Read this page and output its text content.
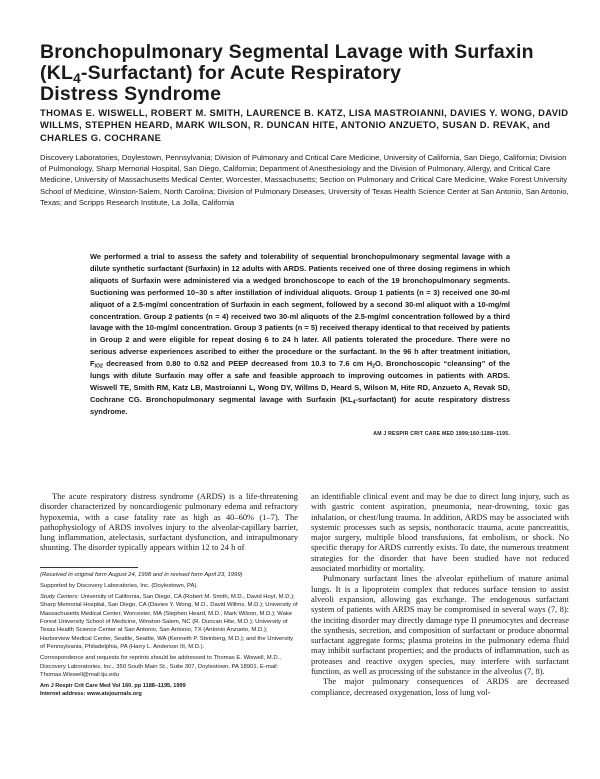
Bronchopulmonary Segmental Lavage with Surfaxin
$(KL_4-Surfactant)$ for Acute Respiratory
Distress Syndrome

THOMAS E. WISWELL, ROBERT M. SMITH, LAURENCE B. KATZ, LISA MASTROIANNI, DAVIES Y. WONG, DAVID WILLMS, STEPHEN HEARD, MARK WILSON, R. DUNCAN HITE, ANTONIO ANZUETO, SUSAN D. REVAK, and CHARLES G. COCHRANE

Discovery Laboratories, Doylestown, Pennsylvania; Division of Pulmonary and Critical Care Medicine, University of California, San Diego, California; Division of Pulmonology, Sharp Memorial Hospital, San Diego, California; Department of Anesthesiology and the Division of Pulmonary, Allergy, and Critical Care Medicine, University of Massachusetts Medical Center, Worcester, Massachusetts; Section on Pulmonary and Critical Care Medicine, Wake Forest University School of Medicine, Winston-Salem, North Carolina; Division of Pulmonary Diseases, University of Texas Health Science Center at San Antonio, San Antonio, Texas; and Scripps Research Institute, La Jolla, California

We performed a trial to assess the safety and tolerability of sequential bronchopulmonary segmental lavage with a dilute synthetic surfactant (Surfaxin) in 12 adults with ARDS. Patients received one of three dosing regimens in which aliquots of Surfaxin were administered via a wedged bronchoscope to each of the 19 bronchopulmonary segments. Suctioning was performed 10–30 s after instillation of individual aliquots. Group 1 patients (n = 3) received one 30-ml aliquot of a 2.5-mg/ml concentration of Surfaxin in each segment, followed by a second 30-ml aliquot with a 10-mg/ml concentration. Group 2 patients (n = 4) received two 30-ml aliquots of the 2.5-mg/ml concentration followed by a third lavage with the 10-mg/ml concentration. Group 3 patients (n = 5) received therapy identical to that received by patients in Group 2 and were eligible for repeat dosing 6 to 24 h later. All patients tolerated the procedure. There were no serious adverse experiences ascribed to either the procedure or the surfactant. In the 96 h after treatment initiation, $F_{IO2}$ decreased from 0.80 to 0.52 and PEEP decreased from 10.3 to 7.6 cm $H_2O$. Bronchoscopic “cleansing” of the lungs with dilute Surfaxin may offer a safe and feasible approach to improving outcomes in patients with ARDS. Wiswell TE, Smith RM, Katz LB, Mastroianni L, Wong DY, Willms D, Heard S, Wilson M, Hite RD, Anzueto A, Revak SD, Cochrane CG. Bronchopulmonary segmental lavage with Surfaxin $(KL_4-surfactant)$ for acute respiratory distress syndrome.

AM J RESPIR CRIT CARE MED 1999;160:1188–1195.

The acute respiratory distress syndrome (ARDS) is a life-threatening disorder characterized by noncardiogenic pulmonary edema and refractory hypoxemia, with a case fatality rate as high as 40–60% (1–7). The pathophysiology of ARDS involves injury to the alveolar-capillary barrier, lung inflammation, atelectasis, surfactant dysfunction, and intrapulmonary shunting. The disorder typically appears within 12 to 24 h of

(Received in original form August 24, 1998 and in revised form April 23, 1999)

Supported by Discovery Laboratories, Inc. (Doylestown, PA).

Study Centers: University of California, San Diego, CA (Robert M. Smith, M.D., David Hoyt, M.D.); Sharp Memorial Hospital, San Diego, CA (Davies Y. Wong, M.D., David Willms, M.D.); University of Massachusetts Medical Center, Worcester, MA (Stephen Heard, M.D., Mark Wilson, M.D.); Wake Forest University School of Medicine, Winston-Salem, NC (R. Duncan Hite, M.D.); University of Texas Health Science Center at San Antonio, San Antonio, TX (Antonio Anzueto, M.D.); Harborview Medical Center, Seattle, Seattle, WA (Kenneth P. Steinberg, M.D.); and the University of Pennsylvania, Philadelphia, PA (Harry L. Anderson III, M.D.).

Correspondence and requests for reprints should be addressed to Thomas E. Wiswell, M.D., Discovery Laboratories, Inc., 350 South Main St., Suite 307, Doylestown, PA 18901. E-mail: Thomas.Wiswell@mail.tju.edu

Am J Respir Crit Care Med Vol 160. pp 1188–1195, 1999

Internet address: www.atsjournals.org

an identifiable clinical event and may be due to direct lung injury, such as with gastric content aspiration, pneumonia, near-drowning, toxic gas inhalation, or chest/lung trauma. In addition, ARDS may be associated with systemic processes such as sepsis, nonthoracic trauma, acute pancreatitis, major surgery, multiple blood transfusions, fat embolism, or shock. No specific therapy for ARDS currently exists. To date, the numerous treatment strategies for the disorder that have been studied have not reduced associated morbidity or mortality.

Pulmonary surfactant lines the alveolar epithelium of mature animal lungs. It is a lipoprotein complex that reduces surface tension to assist alveoli expansion, allowing gas exchange. The endogenous surfactant system of patients with ARDS may be compromised in several ways (7, 8): the inciting disorder may directly damage type II pneumocytes and decrease the synthesis, secretion, and composition of surfactant or produce abnormal surfactant aggregate forms; plasma proteins in the pulmonary edema fluid may inhibit surfactant properties; and the products of inflammation, such as proteases and reactive oxygen species, may interfere with surfactant function, as well as processing of the substance in the alveolus (7, 8).

The major pulmonary consequences of ARDS are decreased compliance, decreased oxygenation, loss of lung vol-
